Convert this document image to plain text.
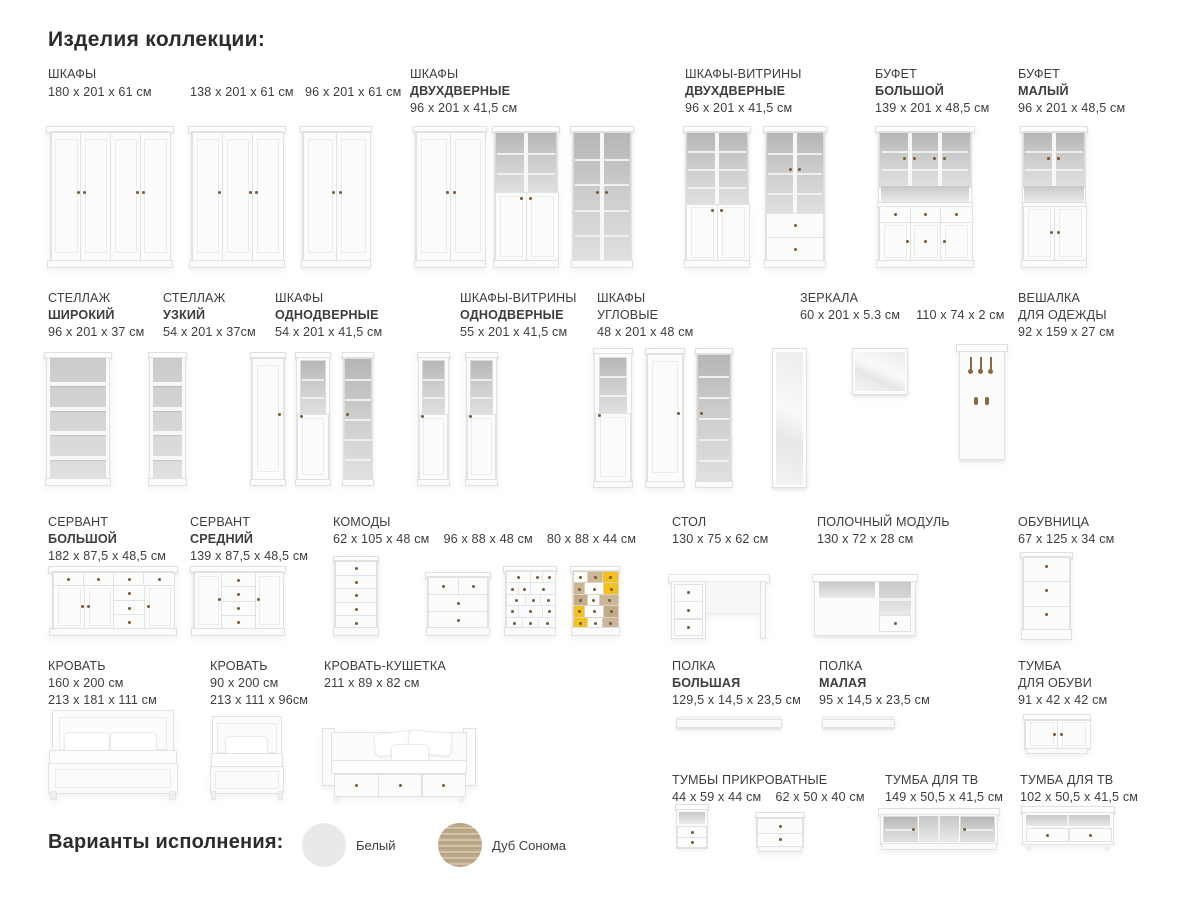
Изделия коллекции:
ШКАФЫ
180 x 201 x 61 см	138 x 201 x 61 см 96 x 201 x 61 см
ШКАФЫ
ДВУХДВЕРНЫЕ
96 x 201 x 41,5 см
ШКАФЫ-ВИТРИНЫ
ДВУХДВЕРНЫЕ
96 x 201 x 41,5 см
БУФЕТ
БОЛЬШОЙ
139 x 201 x 48,5 см
БУФЕТ
МАЛЫЙ
96 x 201 x 48,5 см
СТЕЛЛАЖ
ШИРОКИЙ
96 x 201 x 37 см
СТЕЛЛАЖ
УЗКИЙ
54 x 201 x 37см
ШКАФЫ
ОДНОДВЕРНЫЕ
54 x 201 x 41,5 см
ШКАФЫ-ВИТРИНЫ
ОДНОДВЕРНЫЕ
55 x 201 x 41,5 см
ШКАФЫ
УГЛОВЫЕ
48 x 201 x 48 см
ЗЕРКАЛА
60 x 201 x 5.3 см 110 x 74 x 2 см
ВЕШАЛКА
ДЛЯ ОДЕЖДЫ
92 x 159 x 27 см
СЕРВАНТ
БОЛЬШОЙ
182 x 87,5 x 48,5 см
СЕРВАНТ
СРЕДНИЙ
139 x 87,5 x 48,5 см
КОМОДЫ
62 x 105 x 48 см 96 x 88 x 48 см 80 x 88 x 44 см
СТОЛ
130 x 75 x 62 см
ПОЛОЧНЫЙ МОДУЛЬ
130 x 72 x 28 см
ОБУВНИЦА
67 x 125 x 34 см
КРОВАТЬ
160 x 200 см
213 x 181 x 111 см
КРОВАТЬ
90 x 200 см
213 x 111 x 96см
КРОВАТЬ-КУШЕТКА
211 x 89 x 82 см
ПОЛКА
БОЛЬШАЯ
129,5 x 14,5 x 23,5 см
ПОЛКА
МАЛАЯ
95 x 14,5 x 23,5 см
ТУМБА
ДЛЯ ОБУВИ
91 x 42 x 42 см
ТУМБЫ ПРИКРОВАТНЫЕ
44 x 59 x 44 см 62 x 50 x 40 см
ТУМБА ДЛЯ ТВ
149 x 50,5 x 41,5 см
ТУМБА ДЛЯ ТВ
102 x 50,5 x 41,5 см
Варианты исполнения:	Белый	Дуб Сонома
